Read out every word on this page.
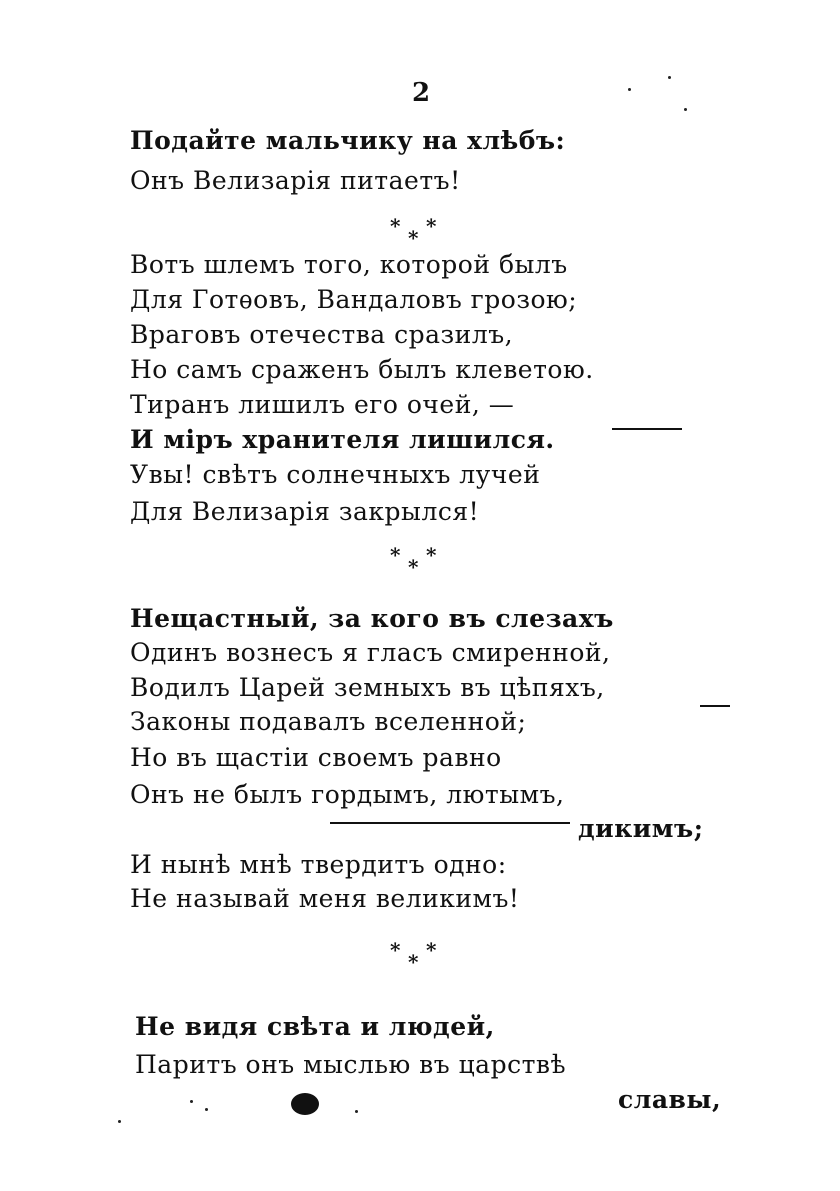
2
Подайте мальчику на хлѣбъ:
Онъ Велизарія питаетъ!
* * *
Вотъ шлемъ того, которой былъ
Для Готѳовъ, Вандаловъ грозою;
Враговъ отечества сразилъ,
Но самъ сраженъ былъ клеветою.
Тиранъ лишилъ его очей, —
И міръ хранителя лишился.
Увы! свѣтъ солнечныхъ лучей
Для Велизарія закрылся!
* * *
Нещастный, за кого въ слезахъ
Одинъ вознесъ я гласъ смиренной,
Водилъ Царей земныхъ въ цѣпяхъ,
Законы подавалъ вселенной;
Но въ щастіи своемъ равно
Онъ не былъ гордымъ, лютымъ,
дикимъ;
И нынѣ мнѣ твердитъ одно:
Не называй меня великимъ!
* * *
Не видя свѣта и людей,
Паритъ онъ мыслью въ царствѣ
славы,
